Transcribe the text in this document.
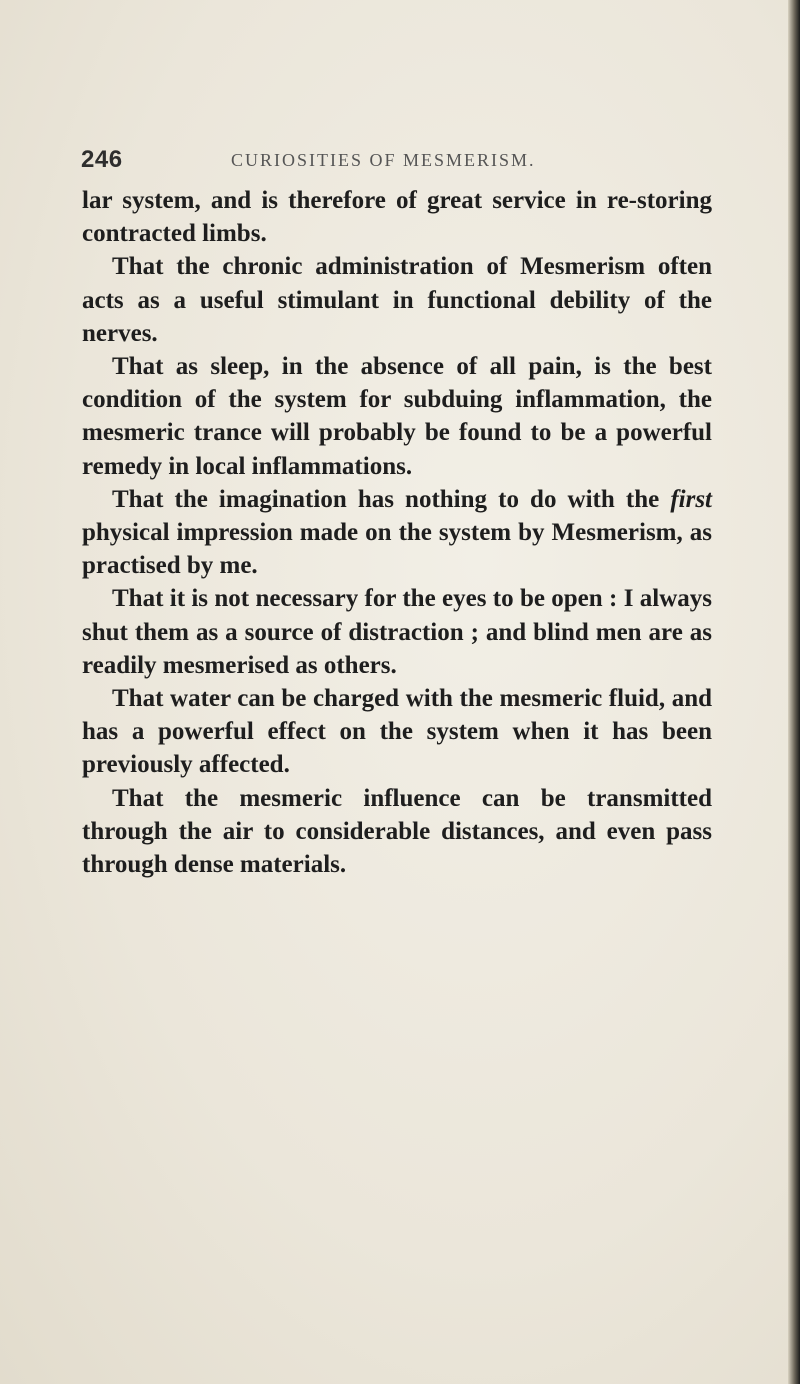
246	CURIOSITIES OF MESMERISM.

lar system, and is therefore of great service in re-storing contracted limbs.

That the chronic administration of Mesmerism often acts as a useful stimulant in functional debility of the nerves.

That as sleep, in the absence of all pain, is the best condition of the system for subduing inflammation, the mesmeric trance will probably be found to be a powerful remedy in local inflammations.

That the imagination has nothing to do with the first physical impression made on the system by Mesmerism, as practised by me.

That it is not necessary for the eyes to be open : I always shut them as a source of distraction ; and blind men are as readily mesmerised as others.

That water can be charged with the mesmeric fluid, and has a powerful effect on the system when it has been previously affected.

That the mesmeric influence can be transmitted through the air to considerable distances, and even pass through dense materials.
